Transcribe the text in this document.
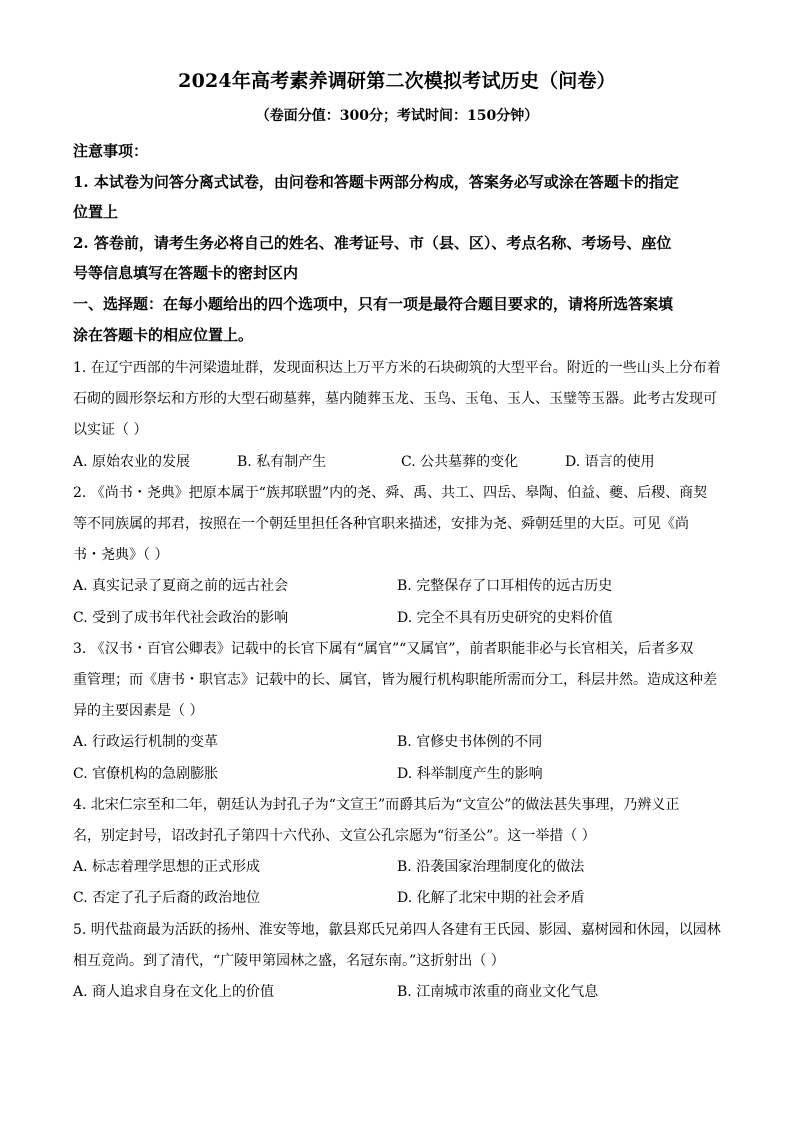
2024年高考素养调研第二次模拟考试历史（问卷）
（卷面分值：300分；考试时间：150分钟）
注意事项：
1. 本试卷为问答分离式试卷，由问卷和答题卡两部分构成，答案务必写或涂在答题卡的指定
位置上
2. 答卷前，请考生务必将自己的姓名、准考证号、市（县、区）、考点名称、考场号、座位
号等信息填写在答题卡的密封区内
一、选择题：在每小题给出的四个选项中，只有一项是最符合题目要求的，请将所选答案填
涂在答题卡的相应位置上。
1. 在辽宁西部的牛河梁遗址群，发现面积达上万平方米的石块砌筑的大型平台。附近的一些山头上分布着
石砌的圆形祭坛和方形的大型石砌墓葬，墓内随葬玉龙、玉鸟、玉龟、玉人、玉璧等玉器。此考古发现可
以实证（ ）
A. 原始农业的发展	B. 私有制产生	C. 公共墓葬的变化	D. 语言的使用
2. 《尚书・尧典》把原本属于“族邦联盟”内的尧、舜、禹、共工、四岳、皋陶、伯益、夔、后稷、商契
等不同族属的邦君，按照在一个朝廷里担任各种官职来描述，安排为尧、舜朝廷里的大臣。可见《尚
书・尧典》（ ）
A. 真实记录了夏商之前的远古社会	B. 完整保存了口耳相传的远古历史
C. 受到了成书年代社会政治的影响	D. 完全不具有历史研究的史料价值
3. 《汉书・百官公卿表》记载中的长官下属有“属官”“又属官”，前者职能非必与长官相关，后者多双
重管理；而《唐书・职官志》记载中的长、属官，皆为履行机构职能所需而分工，科层井然。造成这种差
异的主要因素是（ ）
A. 行政运行机制的变革	B. 官修史书体例的不同
C. 官僚机构的急剧膨胀	D. 科举制度产生的影响
4. 北宋仁宗至和二年，朝廷认为封孔子为“文宣王”而爵其后为“文宣公”的做法甚失事理，乃辨义正
名，别定封号，诏改封孔子第四十六代孙、文宣公孔宗愿为“衍圣公”。这一举措（ ）
A. 标志着理学思想的正式形成	B. 沿袭国家治理制度化的做法
C. 否定了孔子后裔的政治地位	D. 化解了北宋中期的社会矛盾
5. 明代盐商最为活跃的扬州、淮安等地，歙县郑氏兄弟四人各建有王氏园、影园、嘉树园和休园，以园林
相互竞尚。到了清代，“广陵甲第园林之盛，名冠东南。”这折射出（ ）
A. 商人追求自身在文化上的价值	B. 江南城市浓重的商业文化气息
